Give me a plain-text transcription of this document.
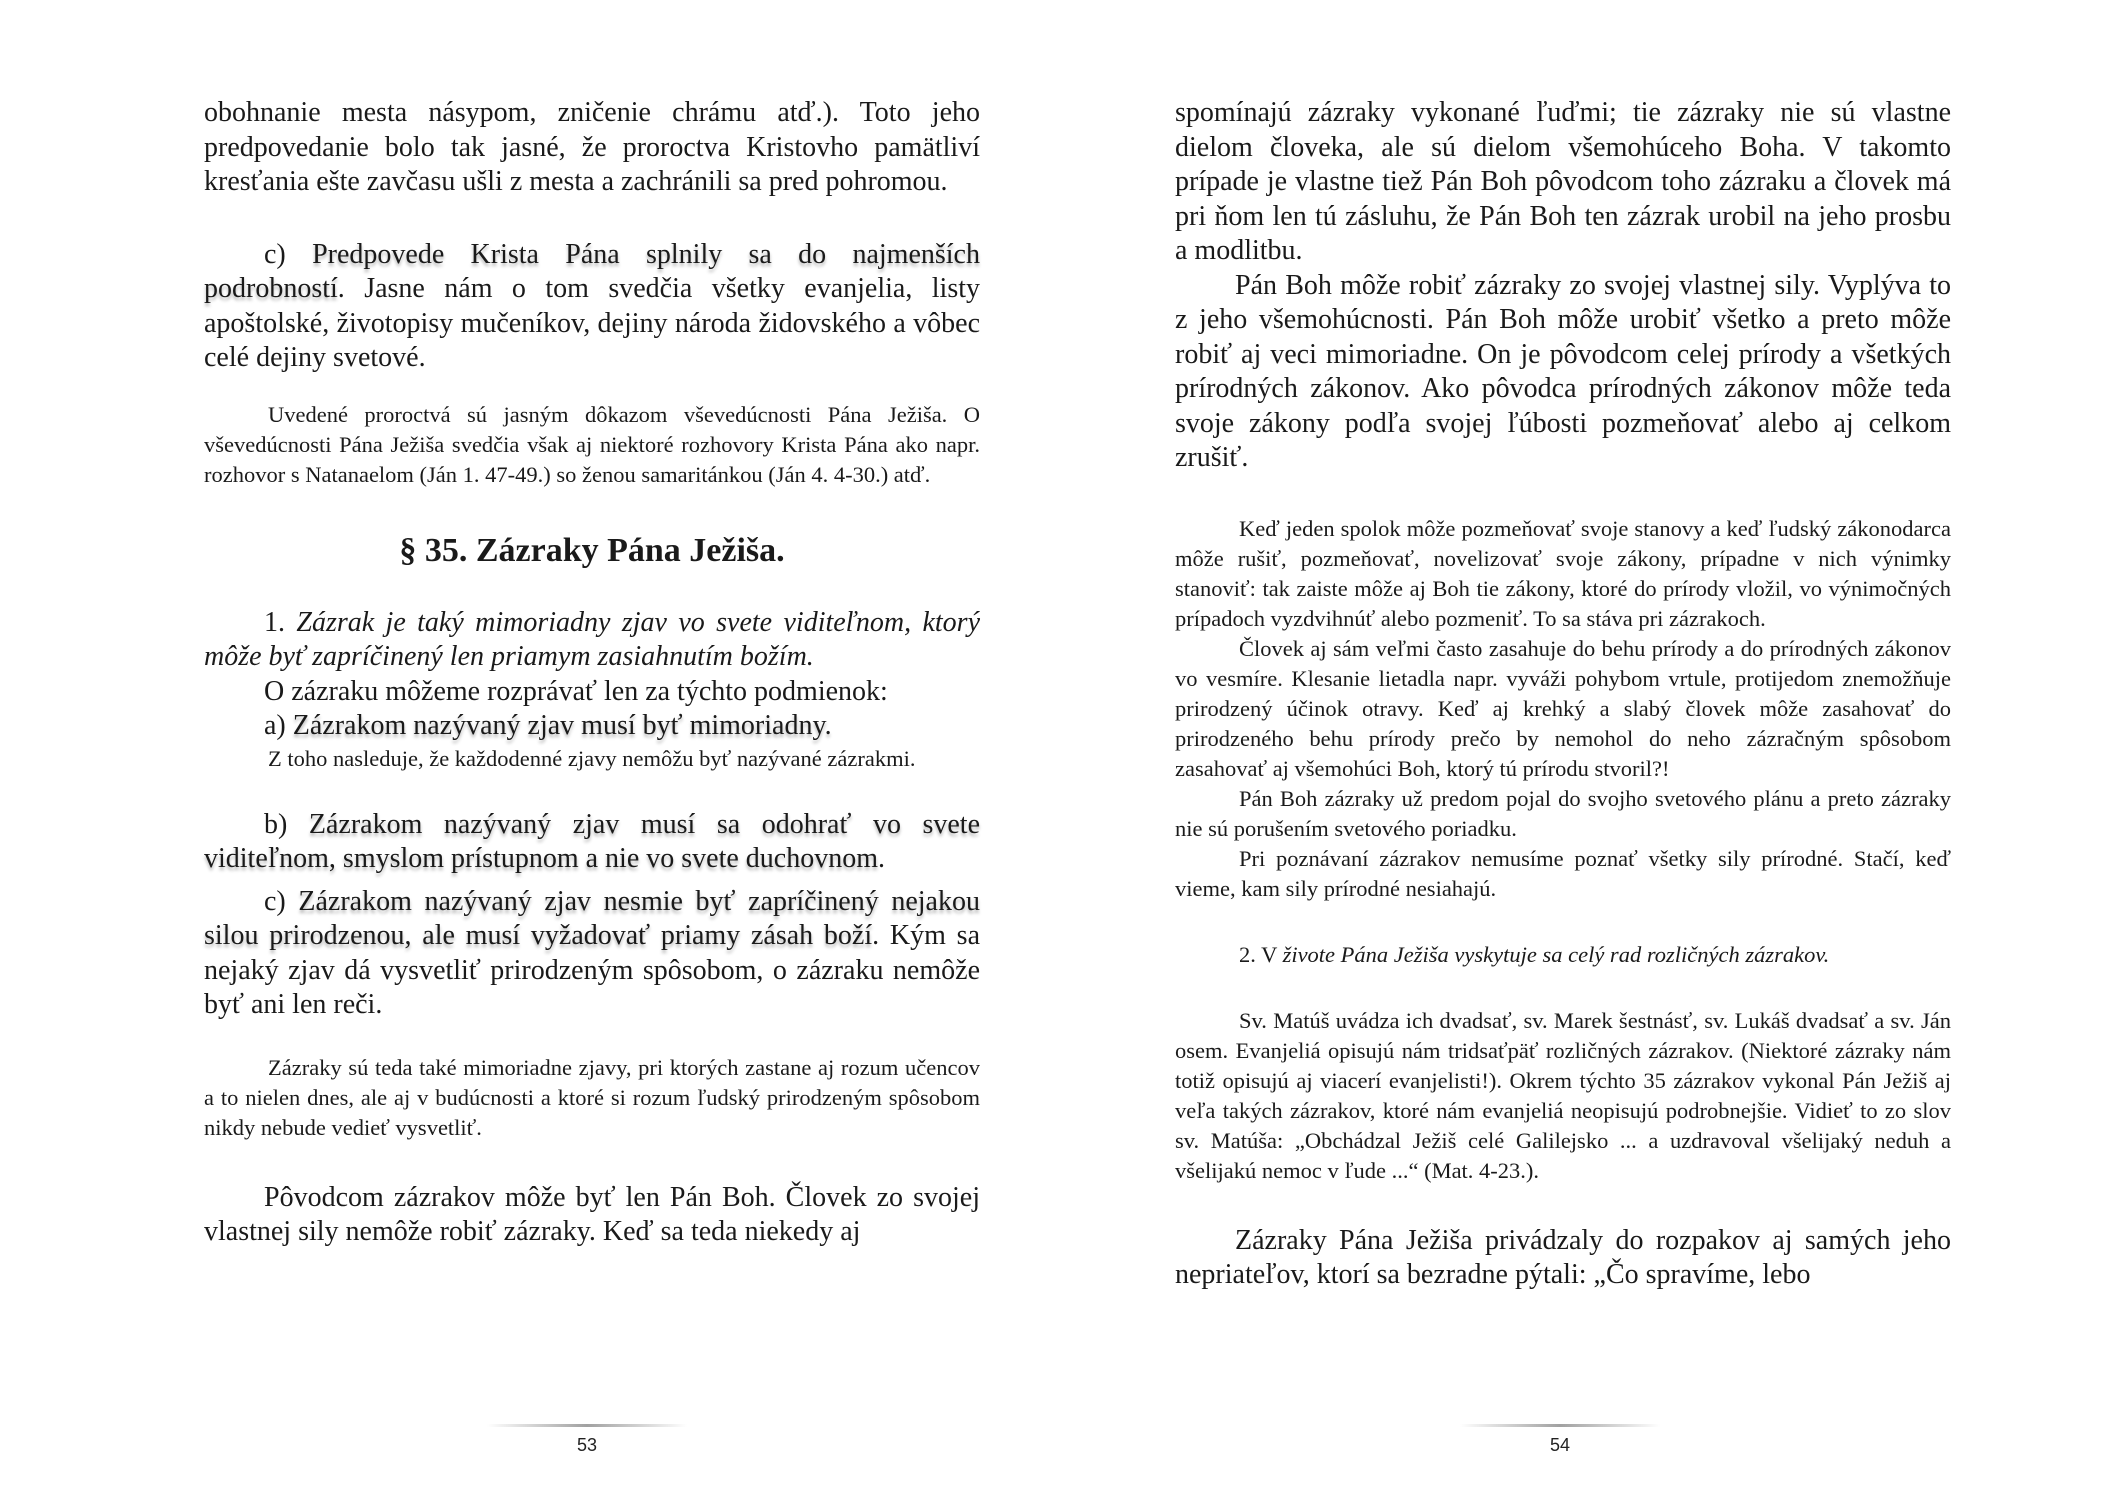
obohnanie mesta násypom, zničenie chrámu atď.). Toto jeho predpovedanie bolo tak jasné, že proroctva Kristovho pamätliví kresťania ešte zavčasu ušli z mesta a zachránili sa pred pohromou.

c) Predpovede Krista Pána splnily sa do najmenších podrobností. Jasne nám o tom svedčia všetky evanjelia, listy apoštolské, životopisy mučeníkov, dejiny národa židovského a vôbec celé dejiny svetové.

Uvedené proroctvá sú jasným dôkazom vševedúcnosti Pána Ježiša. O vševedúcnosti Pána Ježiša svedčia však aj niektoré rozhovory Krista Pána ako napr. rozhovor s Natanaelom (Ján 1. 47-49.) so ženou samaritánkou (Ján 4. 4-30.) atď.

§ 35. Zázraky Pána Ježiša.

1. Zázrak je taký mimoriadny zjav vo svete viditeľnom, ktorý môže byť zapríčinený len priamym zasiahnutím božím.

O zázraku môžeme rozprávať len za týchto podmienok:

a) Zázrakom nazývaný zjav musí byť mimoriadny.

Z toho nasleduje, že každodenné zjavy nemôžu byť nazývané zázrakmi.

b) Zázrakom nazývaný zjav musí sa odohrať vo svete viditeľnom, smyslom prístupnom a nie vo svete duchovnom.

c) Zázrakom nazývaný zjav nesmie byť zapríčinený nejakou silou prirodzenou, ale musí vyžadovať priamy zásah boží. Kým sa nejaký zjav dá vysvetliť prirodzeným spôsobom, o zázraku nemôže byť ani len reči.

Zázraky sú teda také mimoriadne zjavy, pri ktorých zastane aj rozum učencov a to nielen dnes, ale aj v budúcnosti a ktoré si rozum ľudský prirodzeným spôsobom nikdy nebude vedieť vysvetliť.

Pôvodcom zázrakov môže byť len Pán Boh. Človek zo svojej vlastnej sily nemôže robiť zázraky. Keď sa teda niekedy aj

53

spomínajú zázraky vykonané ľuďmi; tie zázraky nie sú vlastne dielom človeka, ale sú dielom všemohúceho Boha. V takomto prípade je vlastne tiež Pán Boh pôvodcom toho zázraku a človek má pri ňom len tú zásluhu, že Pán Boh ten zázrak urobil na jeho prosbu a modlitbu.

Pán Boh môže robiť zázraky zo svojej vlastnej sily. Vyplýva to z jeho všemohúcnosti. Pán Boh môže urobiť všetko a preto môže robiť aj veci mimoriadne. On je pôvodcom celej prírody a všetkých prírodných zákonov. Ako pôvodca prírodných zákonov môže teda svoje zákony podľa svojej ľúbosti pozmeňovať alebo aj celkom zrušiť.

Keď jeden spolok môže pozmeňovať svoje stanovy a keď ľudský zákonodarca môže rušiť, pozmeňovať, novelizovať svoje zákony, prípadne v nich výnimky stanoviť: tak zaiste môže aj Boh tie zákony, ktoré do prírody vložil, vo výnimočných prípadoch vyzdvihnúť alebo pozmeniť. To sa stáva pri zázrakoch.

Človek aj sám veľmi často zasahuje do behu prírody a do prírodných zákonov vo vesmíre. Klesanie lietadla napr. vyváži pohybom vrtule, protijedom znemožňuje prirodzený účinok otravy. Keď aj krehký a slabý človek môže zasahovať do prirodzeného behu prírody prečo by nemohol do neho zázračným spôsobom zasahovať aj všemohúci Boh, ktorý tú prírodu stvoril?!

Pán Boh zázraky už predom pojal do svojho svetového plánu a preto zázraky nie sú porušením svetového poriadku.

Pri poznávaní zázrakov nemusíme poznať všetky sily prírodné. Stačí, keď vieme, kam sily prírodné nesiahajú.

2. V živote Pána Ježiša vyskytuje sa celý rad rozličných zázrakov.

Sv. Matúš uvádza ich dvadsať, sv. Marek šestnásť, sv. Lukáš dvadsať a sv. Ján osem. Evanjeliá opisujú nám tridsaťpäť rozličných zázrakov. (Niektoré zázraky nám totiž opisujú aj viacerí evanjelisti!). Okrem týchto 35 zázrakov vykonal Pán Ježiš aj veľa takých zázrakov, ktoré nám evanjeliá neopisujú podrobnejšie. Vidieť to zo slov sv. Matúša: „Obchádzal Ježiš celé Galilejsko ... a uzdravoval všelijaký neduh a všelijakú nemoc v ľude ...“ (Mat. 4-23.).

Zázraky Pána Ježiša privádzaly do rozpakov aj samých jeho nepriateľov, ktorí sa bezradne pýtali: „Čo spravíme, lebo

54
